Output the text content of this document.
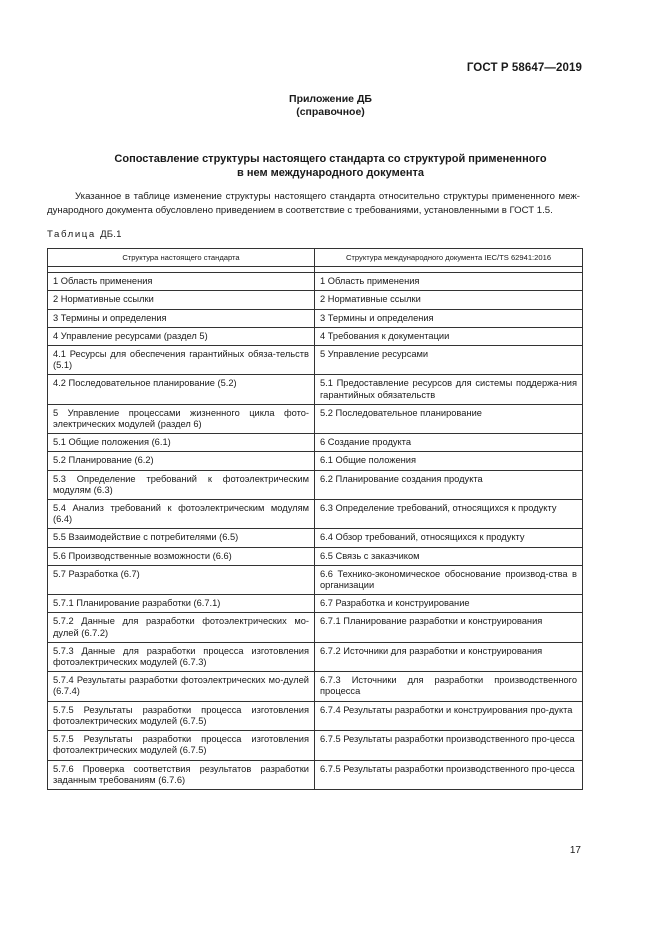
ГОСТ Р 58647—2019
Приложение ДБ
(справочное)
Сопоставление структуры настоящего стандарта со структурой примененного
в нем международного документа
Указанное в таблице изменение структуры настоящего стандарта относительно структуры примененного меж-дународного документа обусловлено приведением в соответствие с требованиями, установленными в ГОСТ 1.5.
Таблица ДБ.1
Структура настоящего стандарта	Структура международного документа IEC/TS 62941:2016

1 Область применения	1 Область применения
2 Нормативные ссылки	2 Нормативные ссылки
3 Термины и определения	3 Термины и определения
4 Управление ресурсами (раздел 5)	4 Требования к документации
4.1 Ресурсы для обеспечения гарантийных обяза-тельств (5.1)	5 Управление ресурсами
4.2 Последовательное планирование (5.2)	5.1 Предоставление ресурсов для системы поддержа-ния гарантийных обязательств
5 Управление процессами жизненного цикла фото-электрических модулей (раздел 6)	5.2 Последовательное планирование
5.1 Общие положения (6.1)	6 Создание продукта
5.2 Планирование (6.2)	6.1 Общие положения
5.3 Определение требований к фотоэлектрическим модулям (6.3)	6.2 Планирование создания продукта
5.4 Анализ требований к фотоэлектрическим модулям (6.4)	6.3 Определение требований, относящихся к продукту
5.5 Взаимодействие с потребителями (6.5)	6.4 Обзор требований, относящихся к продукту
5.6 Производственные возможности (6.6)	6.5 Связь с заказчиком
5.7 Разработка (6.7)	6.6 Технико-экономическое обоснование производ-ства в организации
5.7.1 Планирование разработки (6.7.1)	6.7 Разработка и конструирование
5.7.2 Данные для разработки фотоэлектрических мо-дулей (6.7.2)	6.7.1 Планирование разработки и конструирования
5.7.3 Данные для разработки процесса изготовления фотоэлектрических модулей (6.7.3)	6.7.2 Источники для разработки и конструирования
5.7.4 Результаты разработки фотоэлектрических мо-дулей (6.7.4)	6.7.3 Источники для разработки производственного процесса
5.7.5 Результаты разработки процесса изготовления фотоэлектрических модулей (6.7.5)	6.7.4 Результаты разработки и конструирования про-дукта
5.7.5 Результаты разработки процесса изготовления фотоэлектрических модулей (6.7.5)	6.7.5 Результаты разработки производственного про-цесса
5.7.6 Проверка соответствия результатов разработки заданным требованиям (6.7.6)	6.7.5 Результаты разработки производственного про-цесса
17
